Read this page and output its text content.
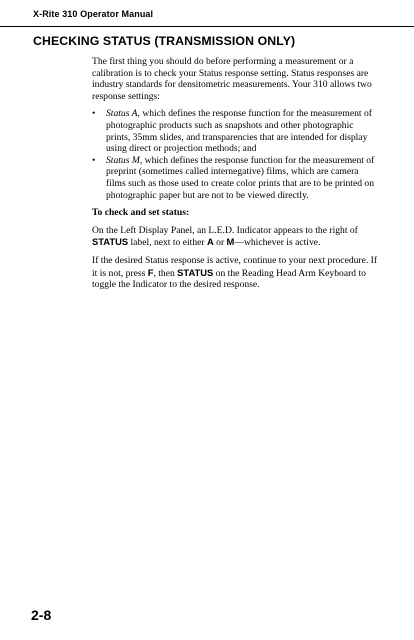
X-Rite 310 Operator Manual
CHECKING STATUS (TRANSMISSION ONLY)

The first thing you should do before performing a measurement or a calibration is to check your Status response setting. Status responses are industry standards for densitometric measurements. Your 310 allows two response settings:

• Status A, which defines the response function for the measurement of photographic products such as snapshots and other photographic prints, 35mm slides, and transparencies that are intended for display using direct or projection methods; and
• Status M, which defines the response function for the measurement of preprint (sometimes called internegative) films, which are camera films such as those used to create color prints that are to be printed on photographic paper but are not to be viewed directly.

To check and set status:

On the Left Display Panel, an L.E.D. Indicator appears to the right of STATUS label, next to either A or M—whichever is active.

If the desired Status response is active, continue to your next procedure. If it is not, press F, then STATUS on the Reading Head Arm Keyboard to toggle the Indicator to the desired response.

2-8
